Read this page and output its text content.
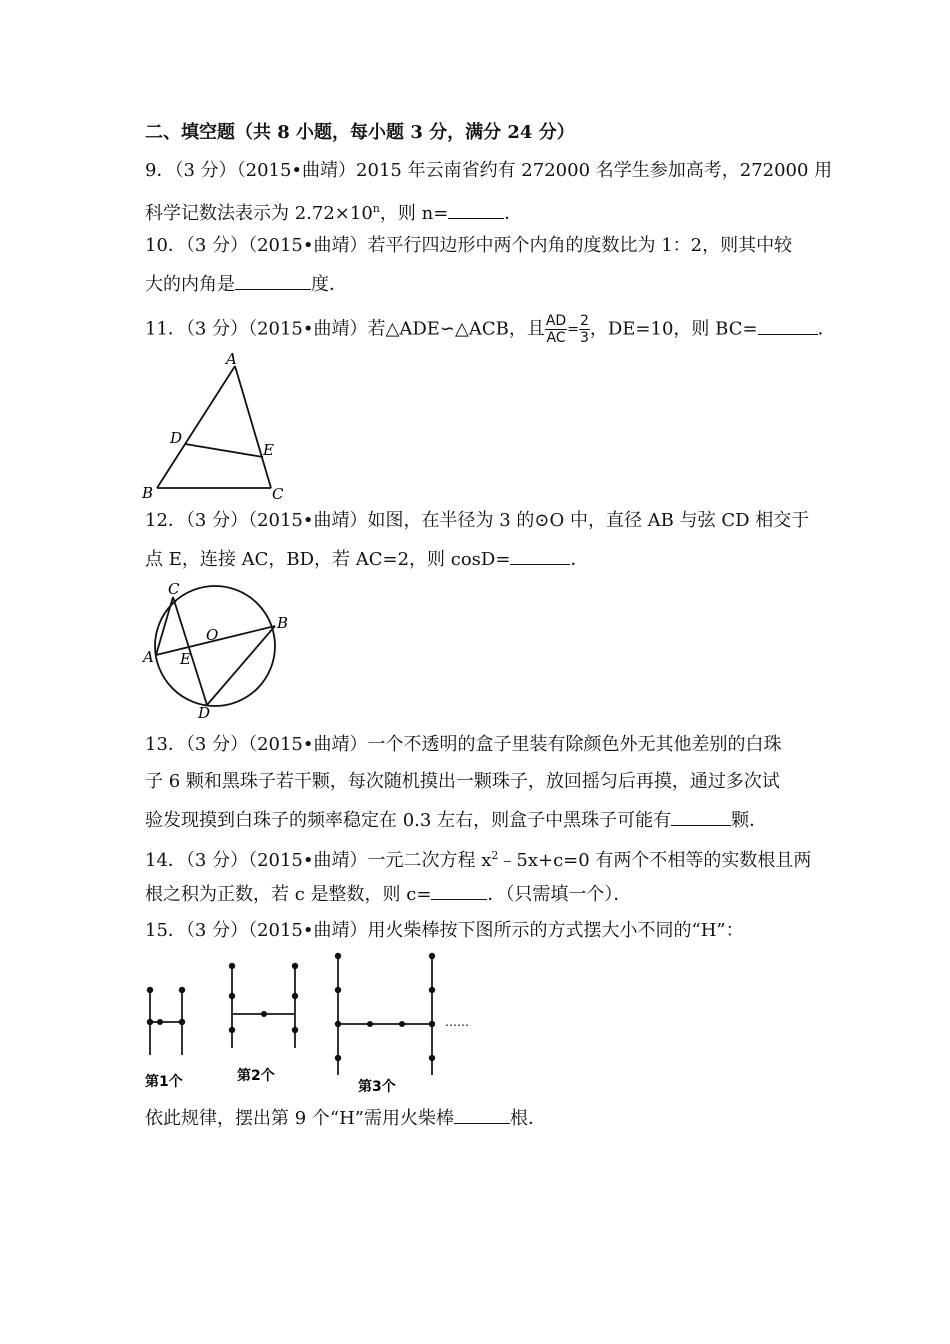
二、填空题（共 8 小题，每小题 3 分，满分 24 分）
9．（3 分）（2015•曲靖）2015 年云南省约有 272000 名学生参加高考，272000 用
科学记数法表示为 $2.72\times 10^n$，则 n=	．
10．（3 分）（2015•曲靖）若平行四边形中两个内角的度数比为 1：2，则其中较
大的内角是	度．
11．（3 分）（2015•曲靖）若△ADE∽△ACB，且 $\frac{AD}{AC} = \frac{2}{3}$ ，DE=10，则 BC=	．
A
B	C
D
E
12．（3 分）（2015•曲靖）如图，在半径为 3 的⊙O 中，直径 AB 与弦 CD 相交于
点 E，连接 AC，BD，若 AC=2，则 cosD=	．
C
B
O
A E
D
13．（3 分）（2015•曲靖）一个不透明的盒子里装有除颜色外无其他差别的白珠
子 6 颗和黑珠子若干颗，每次随机摸出一颗珠子，放回摇匀后再摸，通过多次试
验发现摸到白珠子的频率稳定在 0.3 左右，则盒子中黑珠子可能有	颗．
14．（3 分）（2015•曲靖）一元二次方程 $x^2﹣5x+c=0$ 有两个不相等的实数根且两
根之积为正数，若 c 是整数，则 c=	．（只需填一个）．
15．（3 分）（2015•曲靖）用火柴棒按下图所示的方式摆大小不同的“H”：
……
第1个	第2个
第3个
依此规律，摆出第 9 个“H”需用火柴棒	根．
